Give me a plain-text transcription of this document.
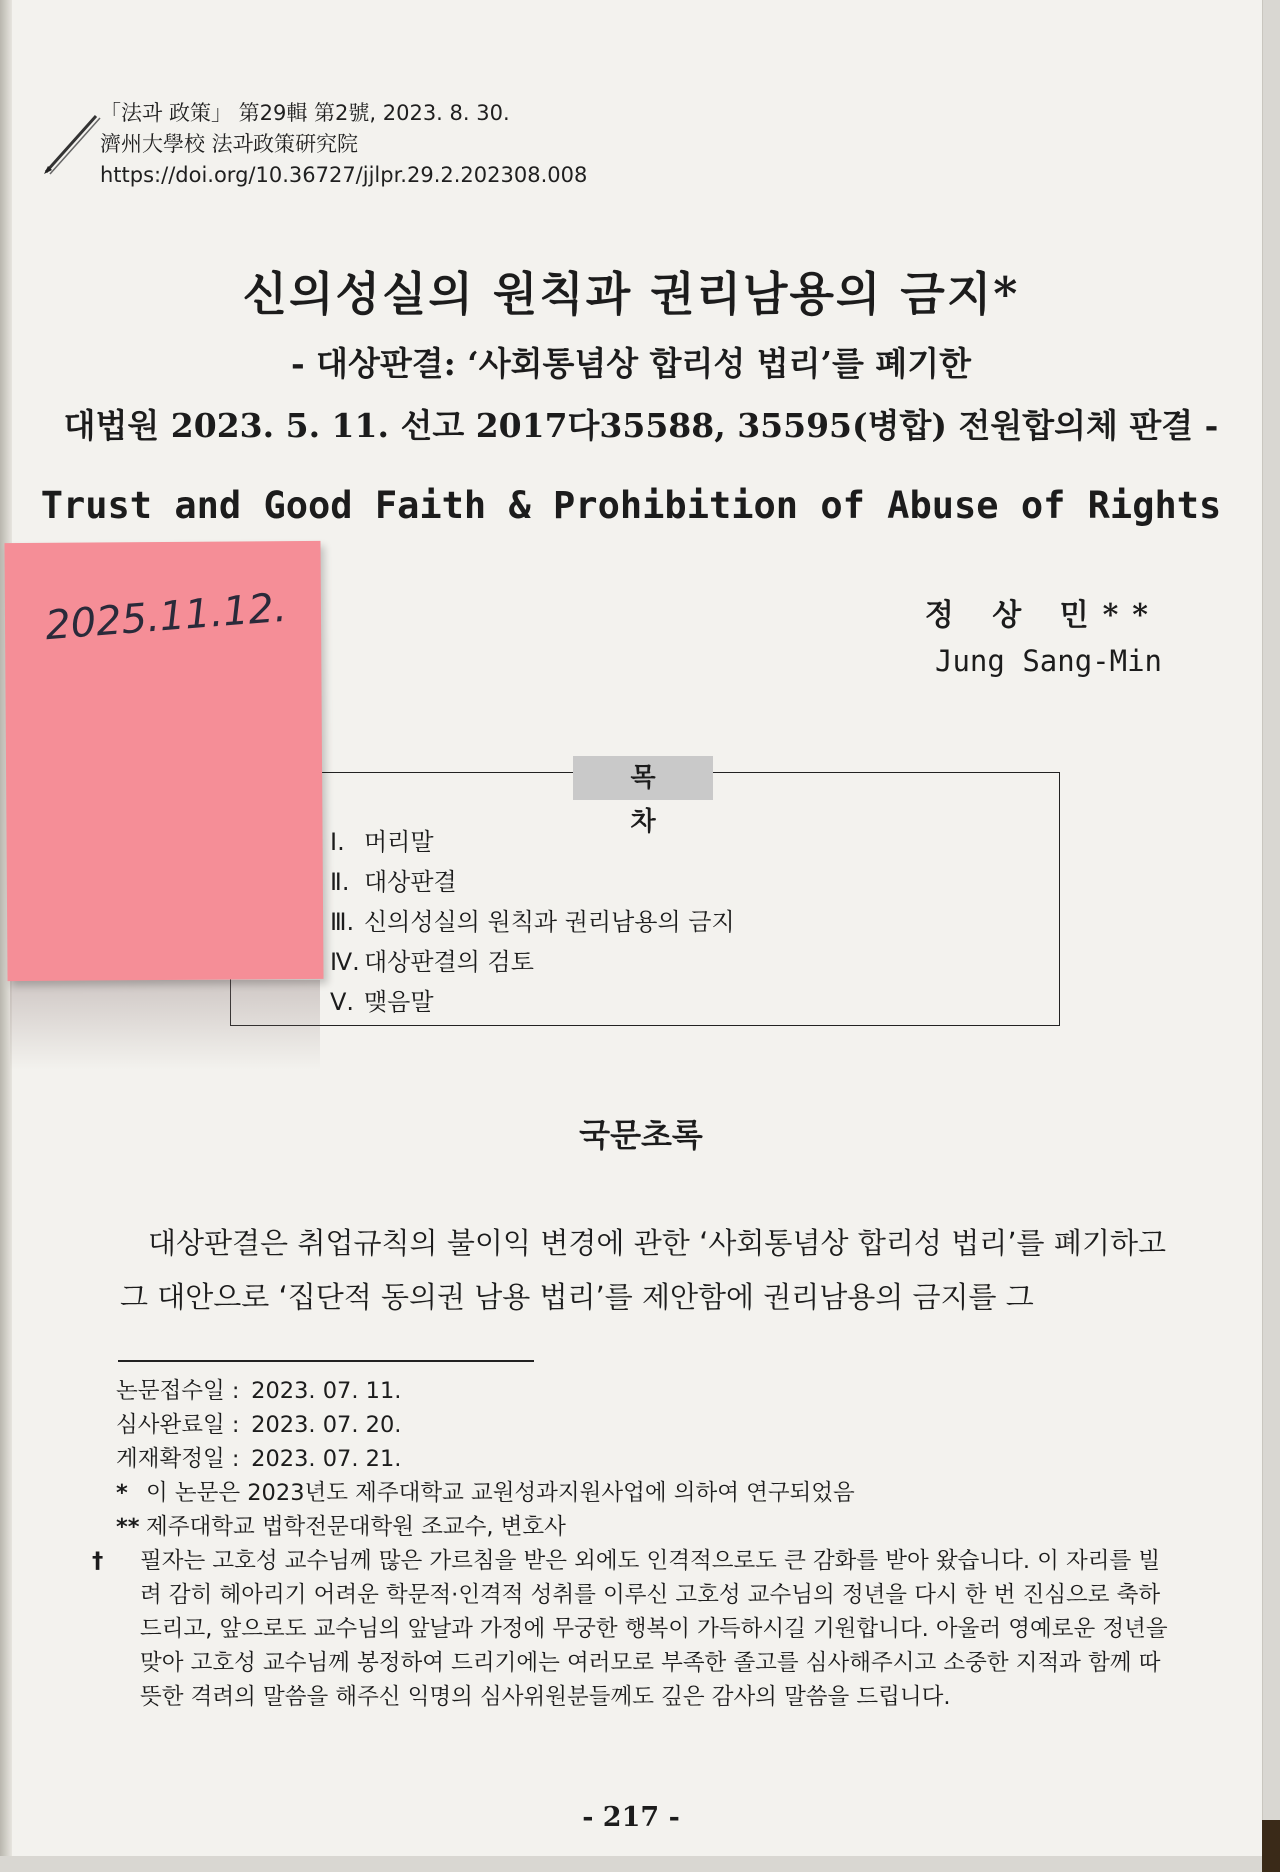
「法과 政策」 第29輯 第2號, 2023. 8. 30.
濟州大學校 法과政策硏究院
https://doi.org/10.36727/jjlpr.29.2.202308.008
신의성실의 원칙과 권리남용의 금지*
- 대상판결: ‘사회통념상 합리성 법리’를 폐기한
대법원 2023. 5. 11. 선고 2017다35588, 35595(병합) 전원합의체 판결 -
Trust and Good Faith & Prohibition of Abuse of Rights
정 상 민**
Jung Sang-Min
목 차
Ⅰ. 머리말
Ⅱ. 대상판결
Ⅲ. 신의성실의 원칙과 권리남용의 금지
Ⅳ. 대상판결의 검토
Ⅴ. 맺음말
2025.11.12.
국문초록

대상판결은 취업규칙의 불이익 변경에 관한 ‘사회통념상 합리성 법리’를 폐기하고 그 대안으로 ‘집단적 동의권 남용 법리’를 제안함에 권리남용의 금지를 그

논문접수일 : 2023. 07. 11.
심사완료일 : 2023. 07. 20.
게재확정일 : 2023. 07. 21.
* 이 논문은 2023년도 제주대학교 교원성과지원사업에 의하여 연구되었음
** 제주대학교 법학전문대학원 조교수, 변호사
† 필자는 고호성 교수님께 많은 가르침을 받은 외에도 인격적으로도 큰 감화를 받아 왔습니다. 이 자리를 빌려 감히 헤아리기 어려운 학문적·인격적 성취를 이루신 고호성 교수님의 정년을 다시 한 번 진심으로 축하드리고, 앞으로도 교수님의 앞날과 가정에 무궁한 행복이 가득하시길 기원합니다. 아울러 영예로운 정년을 맞아 고호성 교수님께 봉정하여 드리기에는 여러모로 부족한 졸고를 심사해주시고 소중한 지적과 함께 따뜻한 격려의 말씀을 해주신 익명의 심사위원분들께도 깊은 감사의 말씀을 드립니다.
- 217 -
